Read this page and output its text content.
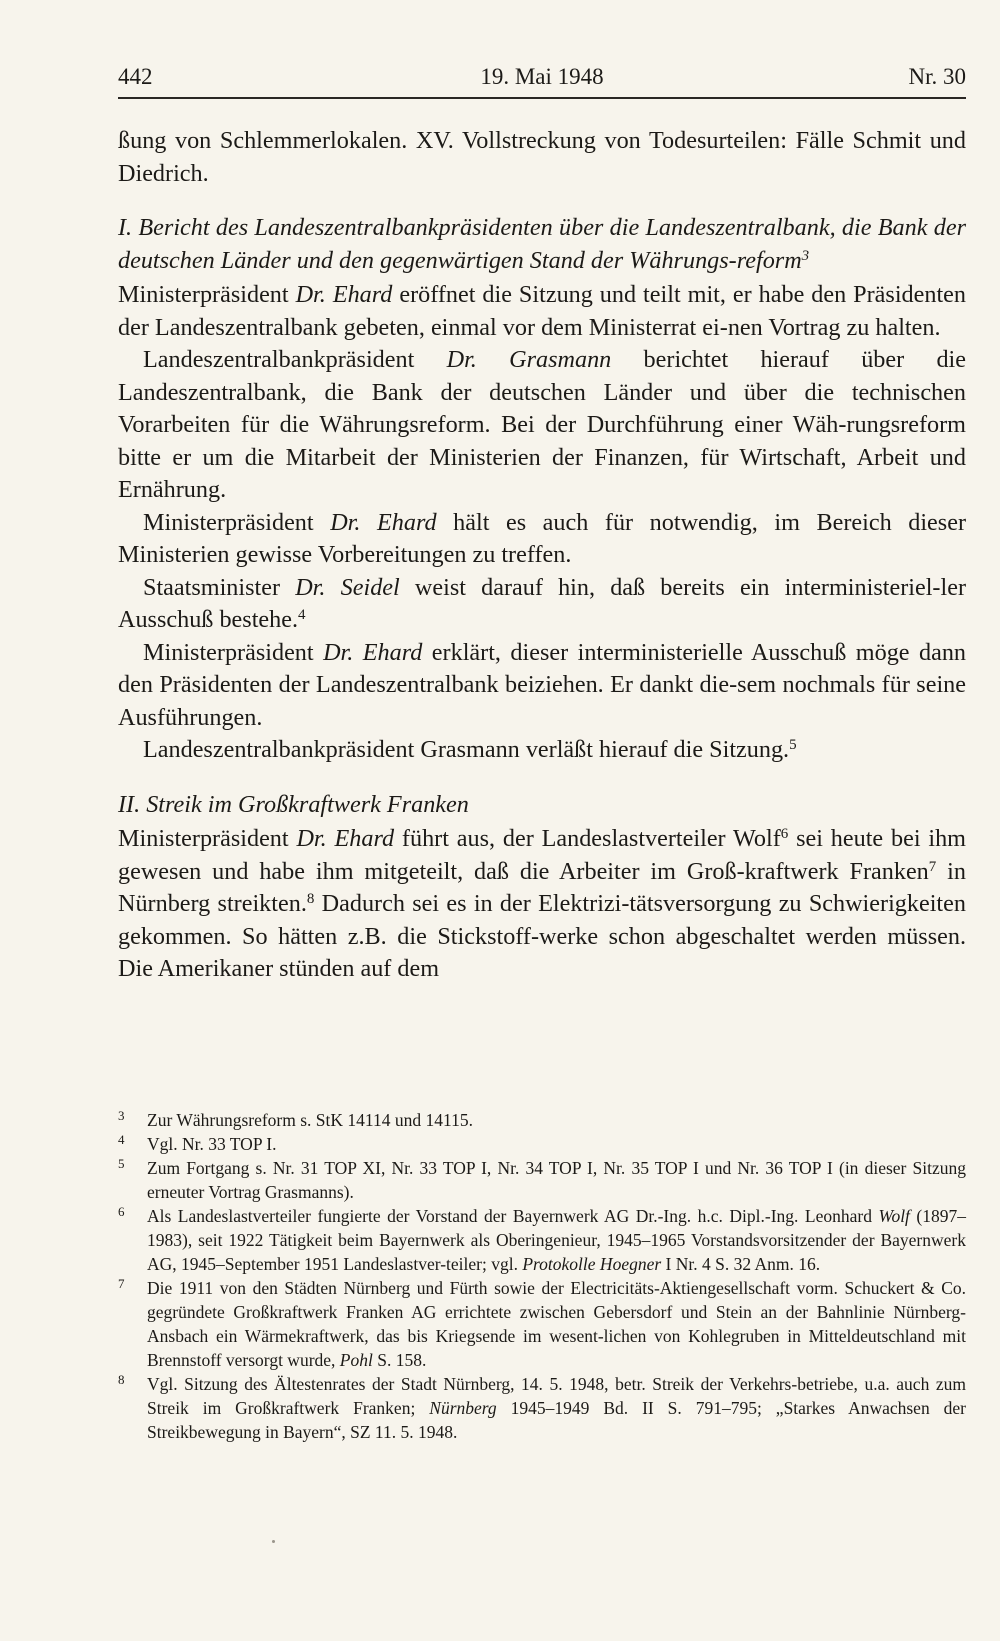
442	19. Mai 1948	Nr. 30

ßung von Schlemmerlokalen. XV. Vollstreckung von Todesurteilen: Fälle Schmit und Diedrich.

I. Bericht des Landeszentralbankpräsidenten über die Landeszentralbank, die Bank der deutschen Länder und den gegenwärtigen Stand der Währungs-reform$^3$

Ministerpräsident Dr. Ehard eröffnet die Sitzung und teilt mit, er habe den Präsidenten der Landeszentralbank gebeten, einmal vor dem Ministerrat ei-nen Vortrag zu halten.

Landeszentralbankpräsident Dr. Grasmann berichtet hierauf über die Landeszentralbank, die Bank der deutschen Länder und über die technischen Vorarbeiten für die Währungsreform. Bei der Durchführung einer Wäh-rungsreform bitte er um die Mitarbeit der Ministerien der Finanzen, für Wirtschaft, Arbeit und Ernährung.

Ministerpräsident Dr. Ehard hält es auch für notwendig, im Bereich dieser Ministerien gewisse Vorbereitungen zu treffen.

Staatsminister Dr. Seidel weist darauf hin, daß bereits ein interministeriel-ler Ausschuß bestehe.$^4$

Ministerpräsident Dr. Ehard erklärt, dieser interministerielle Ausschuß möge dann den Präsidenten der Landeszentralbank beiziehen. Er dankt die-sem nochmals für seine Ausführungen.

Landeszentralbankpräsident Grasmann verläßt hierauf die Sitzung.$^5$

II. Streik im Großkraftwerk Franken

Ministerpräsident Dr. Ehard führt aus, der Landeslastverteiler Wolf$^6$ sei heute bei ihm gewesen und habe ihm mitgeteilt, daß die Arbeiter im Groß-kraftwerk Franken$^7$ in Nürnberg streikten.$^8$ Dadurch sei es in der Elektrizi-tätsversorgung zu Schwierigkeiten gekommen. So hätten z.B. die Stickstoff-werke schon abgeschaltet werden müssen. Die Amerikaner stünden auf dem

3 Zur Währungsreform s. StK 14114 und 14115.

4 Vgl. Nr. 33 TOP I.

5 Zum Fortgang s. Nr. 31 TOP XI, Nr. 33 TOP I, Nr. 34 TOP I, Nr. 35 TOP I und Nr. 36 TOP I (in dieser Sitzung erneuter Vortrag Grasmanns).

6 Als Landeslastverteiler fungierte der Vorstand der Bayernwerk AG Dr.-Ing. h.c. Dipl.-Ing. Leonhard Wolf (1897–1983), seit 1922 Tätigkeit beim Bayernwerk als Oberingenieur, 1945–1965 Vorstandsvorsitzender der Bayernwerk AG, 1945–September 1951 Landeslastver-teiler; vgl. Protokolle Hoegner I Nr. 4 S. 32 Anm. 16.

7 Die 1911 von den Städten Nürnberg und Fürth sowie der Electricitäts-Aktiengesellschaft vorm. Schuckert & Co. gegründete Großkraftwerk Franken AG errichtete zwischen Gebersdorf und Stein an der Bahnlinie Nürnberg-Ansbach ein Wärmekraftwerk, das bis Kriegsende im wesent-lichen von Kohlegruben in Mitteldeutschland mit Brennstoff versorgt wurde, Pohl S. 158.

8 Vgl. Sitzung des Ältestenrates der Stadt Nürnberg, 14. 5. 1948, betr. Streik der Verkehrs-betriebe, u.a. auch zum Streik im Großkraftwerk Franken; Nürnberg 1945–1949 Bd. II S. 791–795; „Starkes Anwachsen der Streikbewegung in Bayern“, SZ 11. 5. 1948.
